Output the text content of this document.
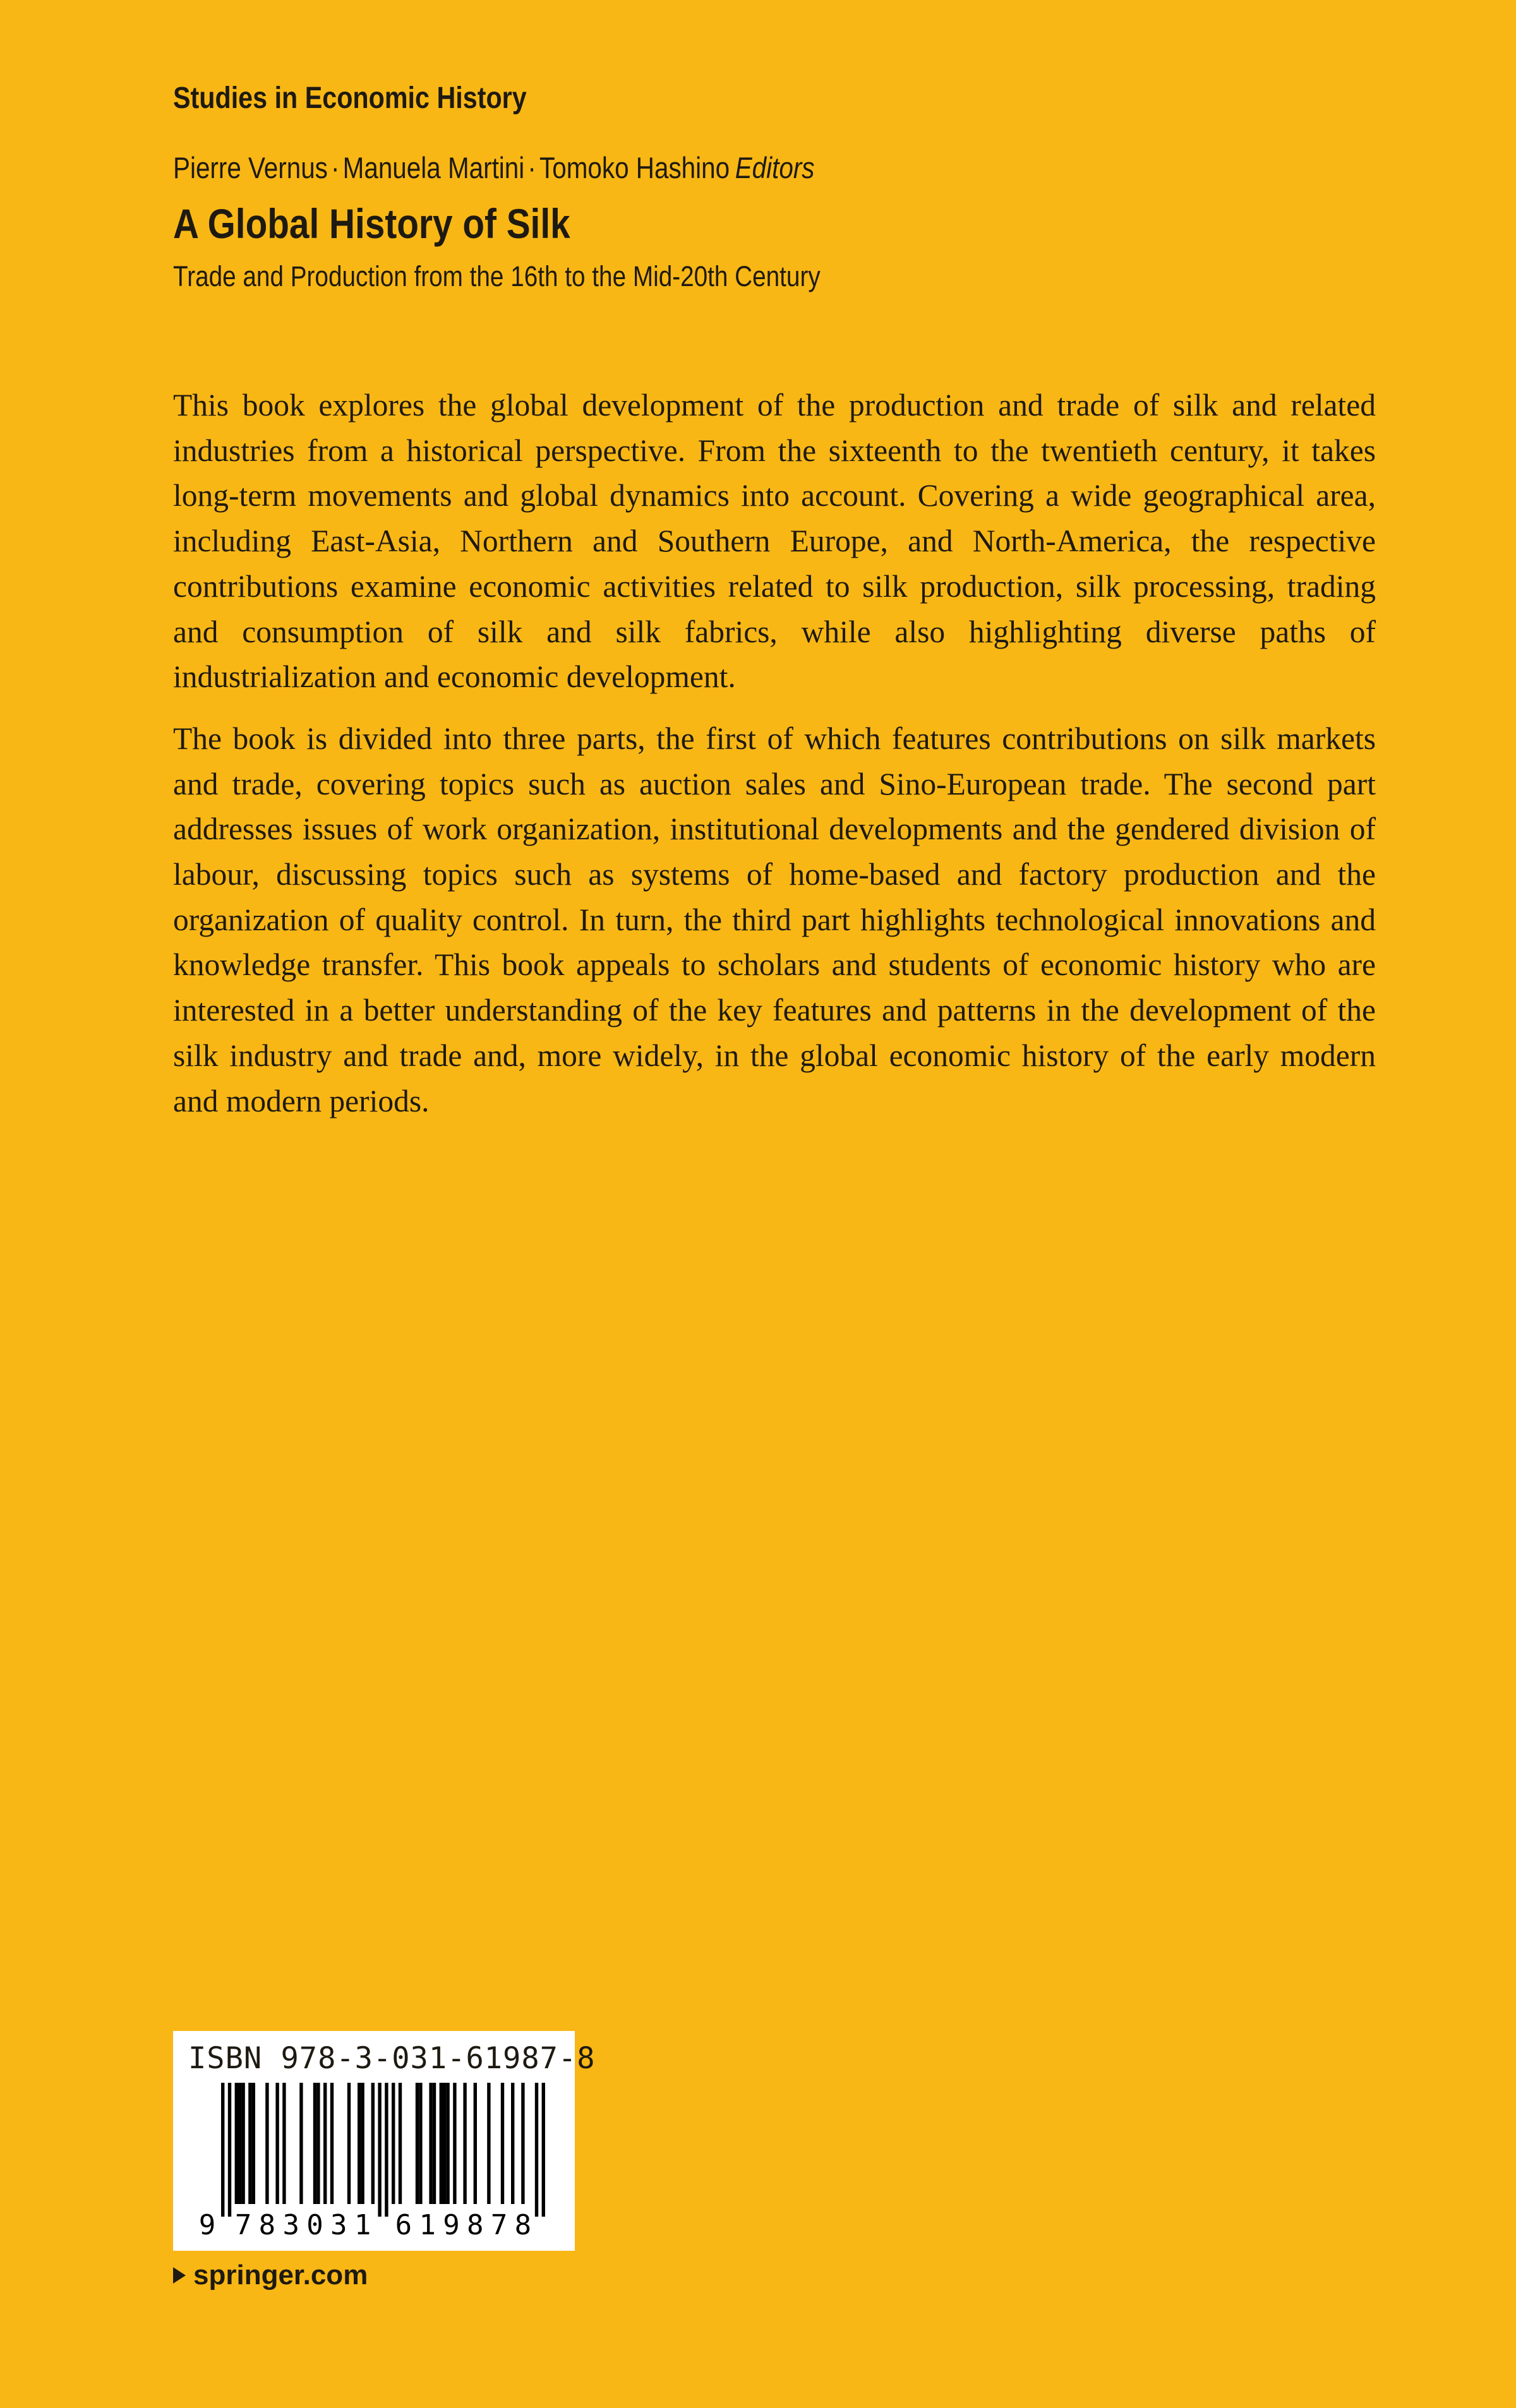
Studies in Economic History
Pierre Vernus · Manuela Martini · Tomoko Hashino Editors
A Global History of Silk
Trade and Production from the 16th to the Mid-20th Century

This book explores the global development of the production and trade of silk and related industries from a historical perspective. From the sixteenth to the twentieth century, it takes long-term movements and global dynamics into account. Covering a wide geographical area, including East-Asia, Northern and Southern Europe, and North-America, the respective contributions examine economic activities related to silk production, silk processing, trading and consumption of silk and silk fabrics, while also highlighting diverse paths of industrialization and economic development.

The book is divided into three parts, the first of which features contributions on silk markets and trade, covering topics such as auction sales and Sino-European trade. The second part addresses issues of work organization, institutional developments and the gendered division of labour, discussing topics such as systems of home-based and factory production and the organization of quality control. In turn, the third part highlights technological innovations and knowledge transfer. This book appeals to scholars and students of economic history who are interested in a better understanding of the key features and patterns in the development of the silk industry and trade and, more widely, in the global economic history of the early modern and modern periods.

ISBN 978-3-031-61987-8
9 7 8 3 0 3 1 6 1 9 8 7 8
springer.com
